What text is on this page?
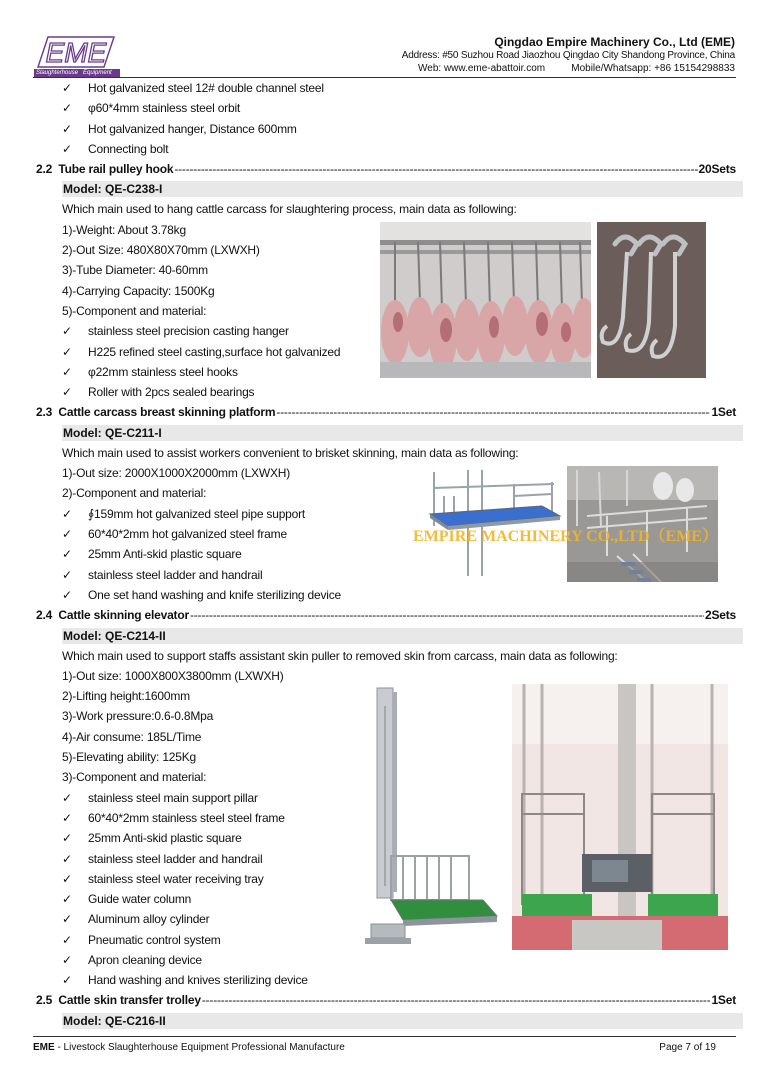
EME
Slaughterhouse   Equipment
Qingdao Empire Machinery Co., Ltd (EME)
Address: #50 Suzhou Road Jiaozhou Qingdao City Shandong Province, China
Web: www.eme-abattoir.com	Mobile/Whatsapp: +86 15154298833
✓ Hot galvanized steel 12# double channel steel
✓ φ60*4mm stainless steel orbit
✓ Hot galvanized hanger, Distance 600mm
✓ Connecting bolt
2.2
Tube rail pulley hook -----	20Sets
Model: QE-C238-I
Which main used to hang cattle carcass for slaughtering process, main data as following:
1)-Weight: About 3.78kg
2)-Out Size: 480X80X70mm (LXWXH)
3)-Tube Diameter: 40-60mm
4)-Carrying Capacity: 1500Kg
5)-Component and material:
✓ stainless steel precision casting hanger
✓ H225 refined steel casting,surface hot galvanized
✓ φ22mm stainless steel hooks
✓ Roller with 2pcs sealed bearings
2.3
Cattle carcass breast skinning platform -----	1Set
Model: QE-C211-I
Which main used to assist workers convenient to brisket skinning, main data as following:
1)-Out size: 2000X1000X2000mm (LXWXH)
2)-Component and material:
✓ ∮159mm hot galvanized steel pipe support
✓ 60*40*2mm hot galvanized steel frame
✓ 25mm Anti-skid plastic square
✓ stainless steel ladder and handrail
✓ One set hand washing and knife sterilizing device
EMPIRE MACHINERY CO.,LTD（EME）
2.4
Cattle skinning elevator -----	2Sets
Model: QE-C214-II
Which main used to support staffs assistant skin puller to removed skin from carcass, main data as following:
1)-Out size: 1000X800X3800mm (LXWXH)
2)-Lifting height:1600mm
3)-Work pressure:0.6-0.8Mpa
4)-Air consume: 185L/Time
5)-Elevating ability: 125Kg
3)-Component and material:
✓ stainless steel main support pillar
✓ 60*40*2mm stainless steel steel frame
✓ 25mm Anti-skid plastic square
✓ stainless steel ladder and handrail
✓ stainless steel water receiving tray
✓ Guide water column
✓ Aluminum alloy cylinder
✓ Pneumatic control system
✓ Apron cleaning device
✓ Hand washing and knives sterilizing device
2.5
Cattle skin transfer trolley -----	1Set
Model: QE-C216-II
EME - Livestock Slaughterhouse Equipment Professional Manufacture	Page 7 of 19
